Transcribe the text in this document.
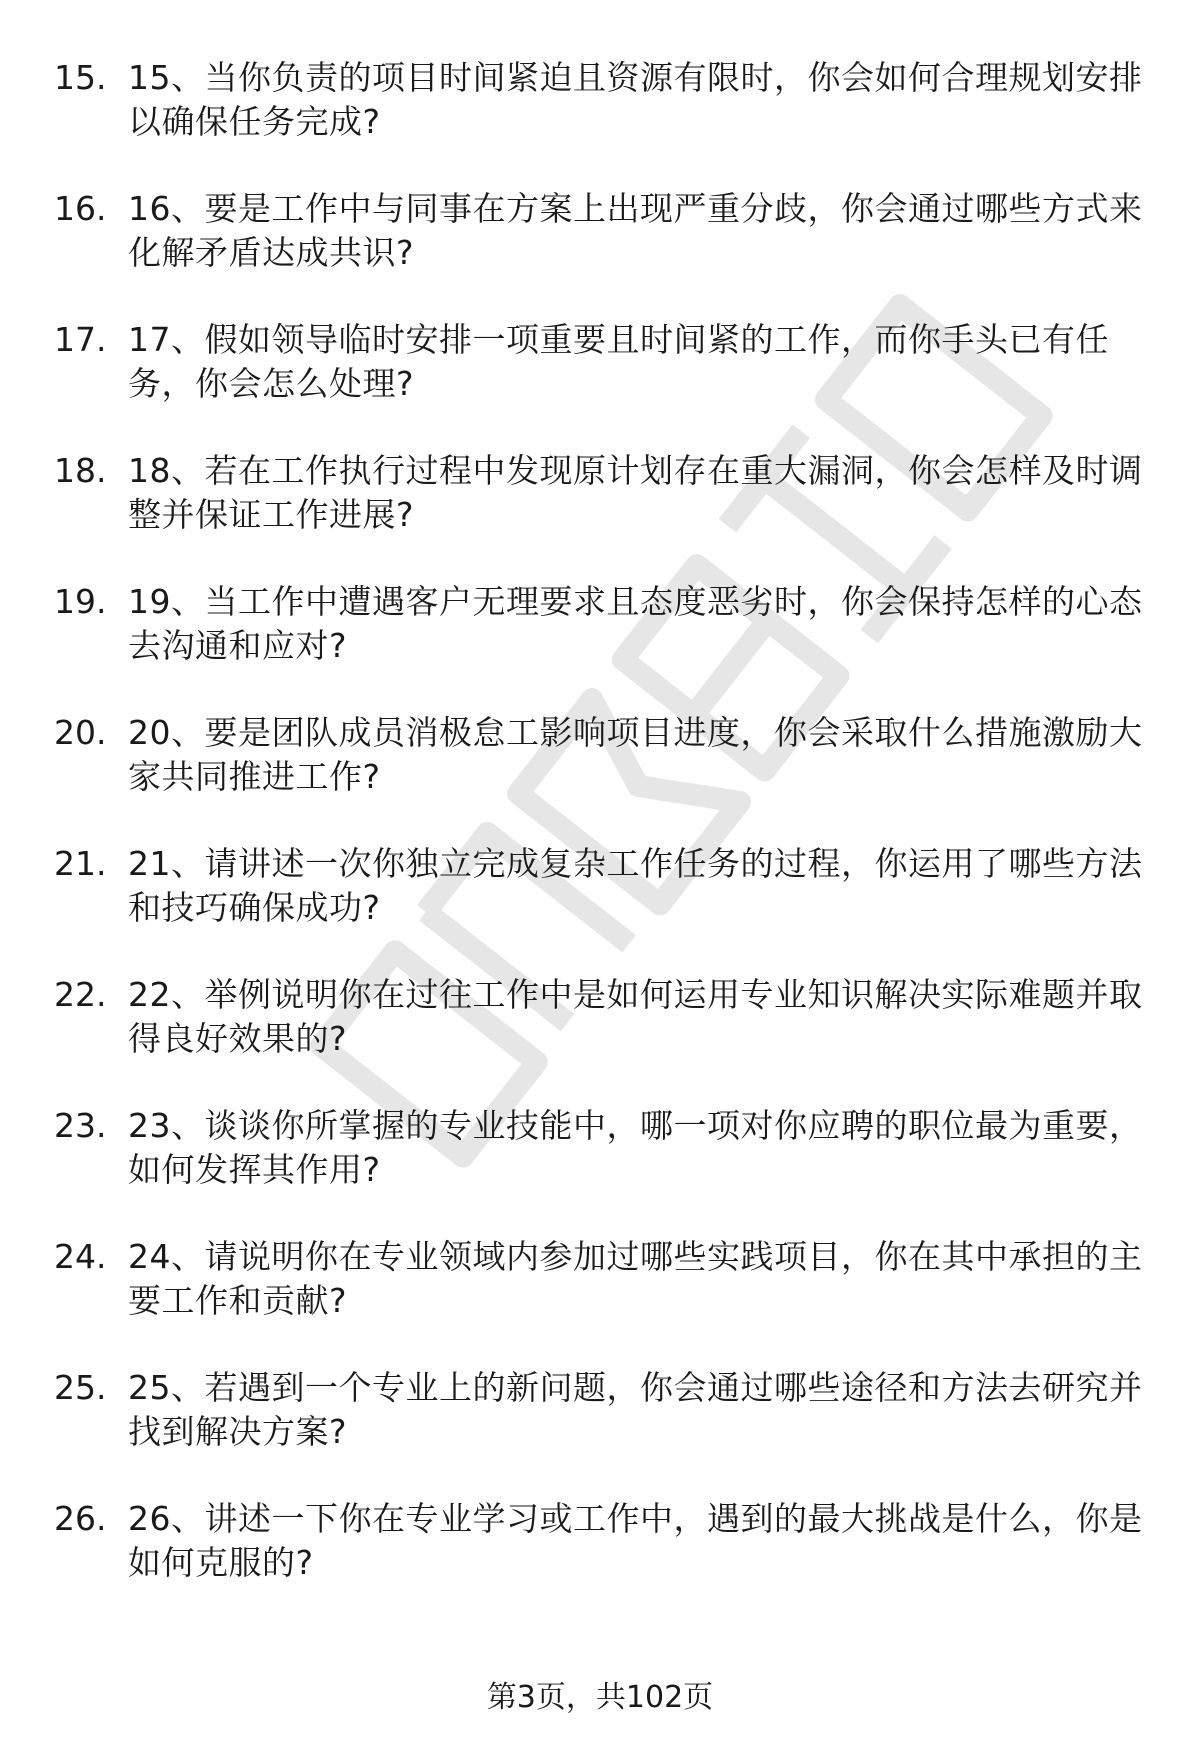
15. 15、当你负责的项目时间紧迫且资源有限时，你会如何合理规划安排以确保任务完成?
16. 16、要是工作中与同事在方案上出现严重分歧，你会通过哪些方式来化解矛盾达成共识?
17. 17、假如领导临时安排一项重要且时间紧的工作，而你手头已有任务，你会怎么处理?
18. 18、若在工作执行过程中发现原计划存在重大漏洞，你会怎样及时调整并保证工作进展?
19. 19、当工作中遭遇客户无理要求且态度恶劣时，你会保持怎样的心态去沟通和应对?
20. 20、要是团队成员消极怠工影响项目进度，你会采取什么措施激励大家共同推进工作?
21. 21、请讲述一次你独立完成复杂工作任务的过程，你运用了哪些方法和技巧确保成功?
22. 22、举例说明你在过往工作中是如何运用专业知识解决实际难题并取得良好效果的?
23. 23、谈谈你所掌握的专业技能中，哪一项对你应聘的职位最为重要，如何发挥其作用?
24. 24、请说明你在专业领域内参加过哪些实践项目，你在其中承担的主要工作和贡献?
25. 25、若遇到一个专业上的新问题，你会通过哪些途径和方法去研究并找到解决方案?
26. 26、讲述一下你在专业学习或工作中，遇到的最大挑战是什么，你是如何克服的?
第3页，共102页
